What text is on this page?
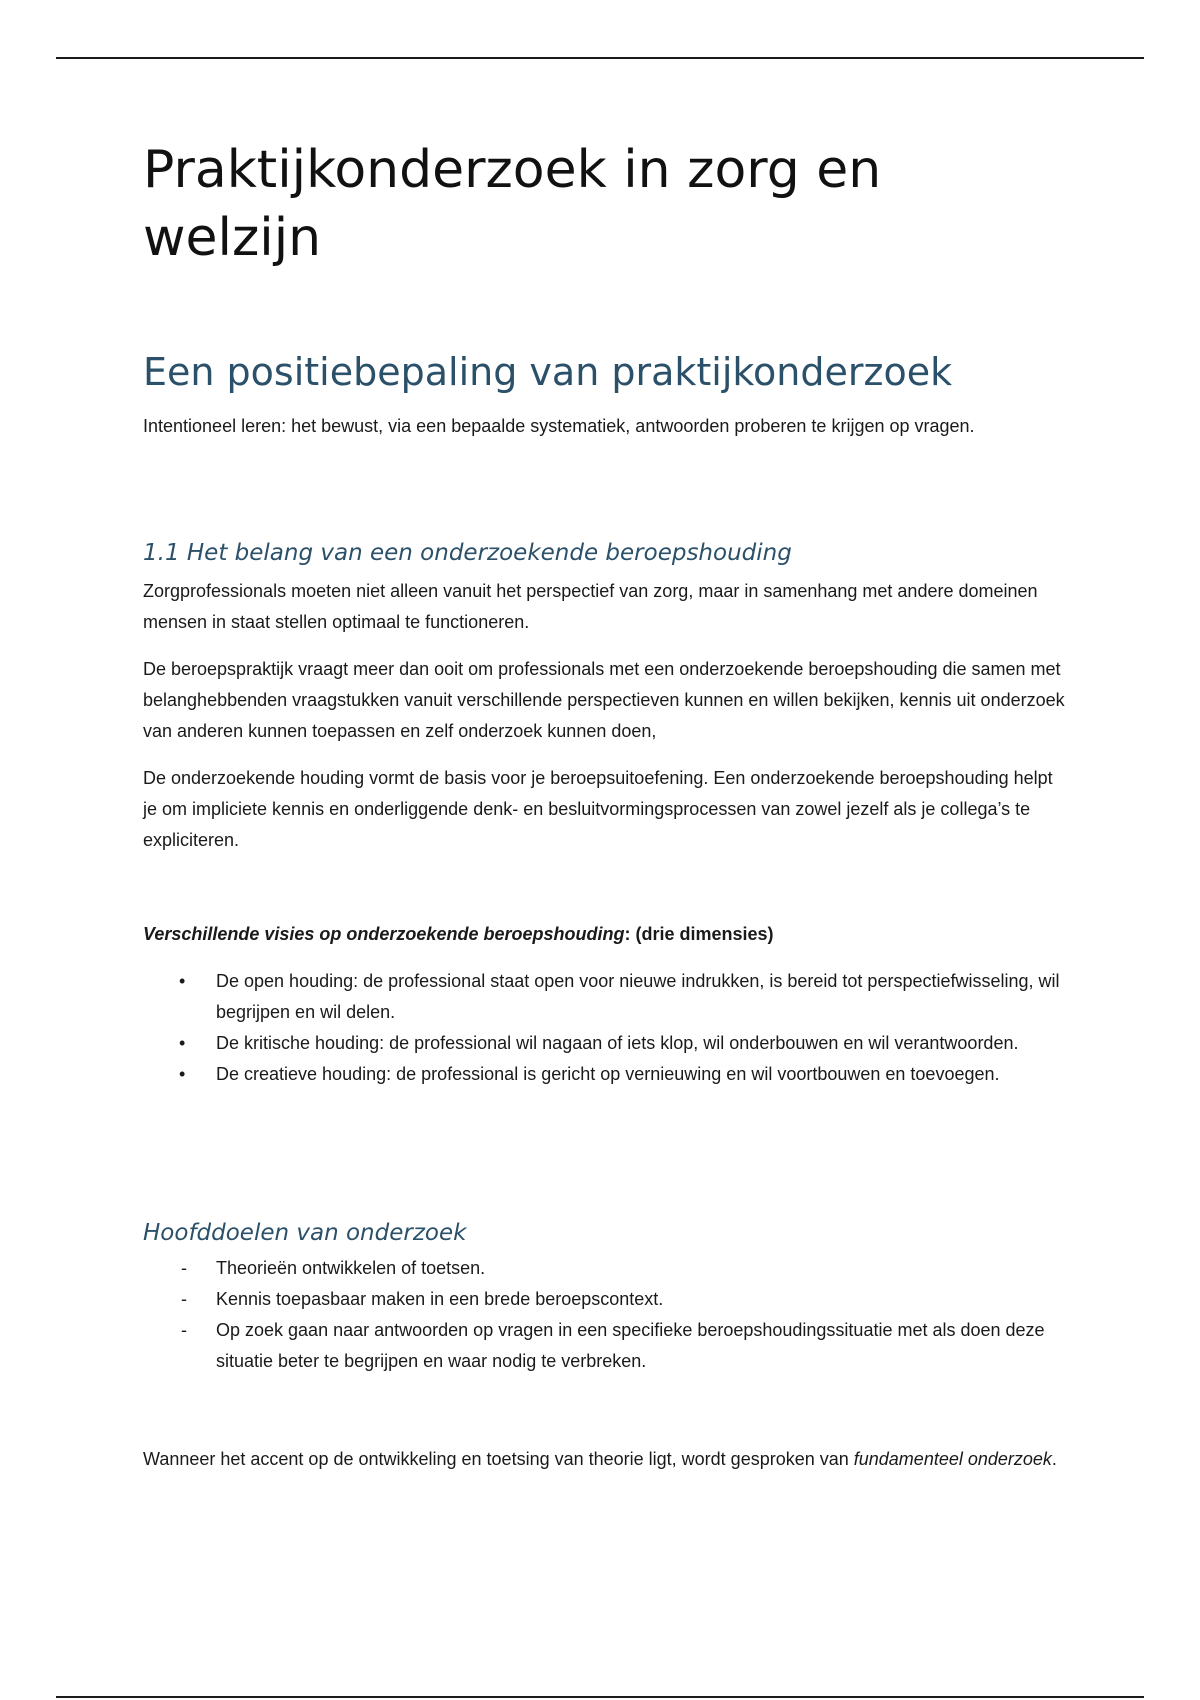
Praktijkonderzoek in zorg en welzijn
Een positiebepaling van praktijkonderzoek

Intentioneel leren: het bewust, via een bepaalde systematiek, antwoorden proberen te krijgen op vragen.

1.1 Het belang van een onderzoekende beroepshouding

Zorgprofessionals moeten niet alleen vanuit het perspectief van zorg, maar in samenhang met andere domeinen mensen in staat stellen optimaal te functioneren.

De beroepspraktijk vraagt meer dan ooit om professionals met een onderzoekende beroepshouding die samen met belanghebbenden vraagstukken vanuit verschillende perspectieven kunnen en willen bekijken, kennis uit onderzoek van anderen kunnen toepassen en zelf onderzoek kunnen doen,

De onderzoekende houding vormt de basis voor je beroepsuitoefening. Een onderzoekende beroepshouding helpt je om impliciete kennis en onderliggende denk- en besluitvormingsprocessen van zowel jezelf als je collega’s te expliciteren.

Verschillende visies op onderzoekende beroepshouding: (drie dimensies)

• De open houding: de professional staat open voor nieuwe indrukken, is bereid tot perspectiefwisseling, wil begrijpen en wil delen.
• De kritische houding: de professional wil nagaan of iets klop, wil onderbouwen en wil verantwoorden.
• De creatieve houding: de professional is gericht op vernieuwing en wil voortbouwen en toevoegen.
Hoofddoelen van onderzoek
- Theorieën ontwikkelen of toetsen.
- Kennis toepasbaar maken in een brede beroepscontext.
- Op zoek gaan naar antwoorden op vragen in een specifieke beroepshoudingssituatie met als doen deze situatie beter te begrijpen en waar nodig te verbreken.

Wanneer het accent op de ontwikkeling en toetsing van theorie ligt, wordt gesproken van fundamenteel onderzoek.
